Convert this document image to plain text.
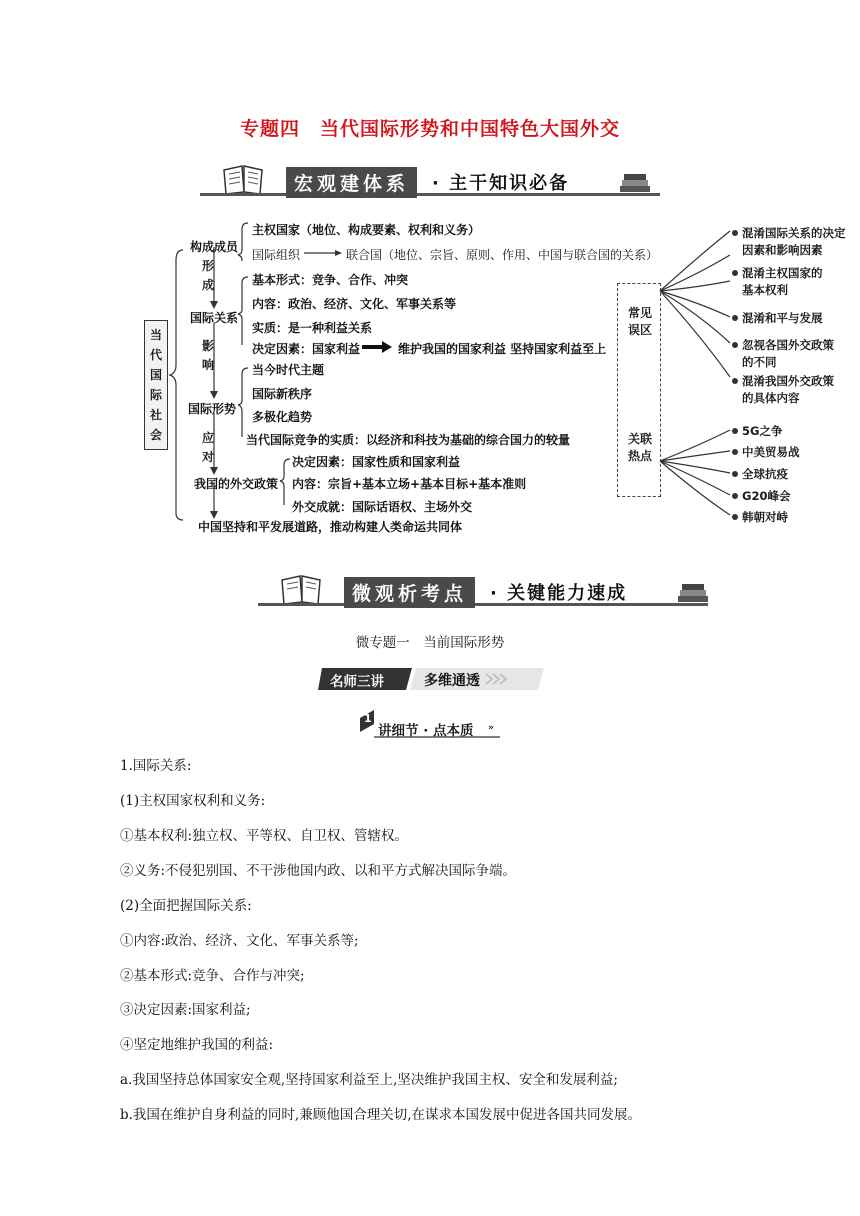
专题四　当代国际形势和中国特色大国外交
宏观建体系	· 主干知识必备
当
代
国
际
社
会
构成成员
国际关系
国际形势
我国的外交政策
中国坚持和平发展道路，推动构建人类命运共同体
形
成
影
响
应
对
主权国家（地位、构成要素、权利和义务）
国际组织	联合国（地位、宗旨、原则、作用、中国与联合国的关系）
基本形式：竞争、合作、冲突
内容：政治、经济、文化、军事关系等
实质：是一种利益关系
决定因素：国家利益	维护我国的国家利益 坚持国家利益至上
当今时代主题
国际新秩序
多极化趋势
当代国际竞争的实质：以经济和科技为基础的综合国力的较量
决定因素：国家性质和国家利益
内容：宗旨+基本立场+基本目标+基本准则
外交成就：国际话语权、主场外交
常见
误区
关联
热点
混淆国际关系的决定
因素和影响因素
混淆主权国家的
基本权利
混淆和平与发展
忽视各国外交政策
的不同
混淆我国外交政策
的具体内容
5G之争
中美贸易战
全球抗疫
G20峰会
韩朝对峙
微观析考点	· 关键能力速成
微专题一　当前国际形势
名师三讲	多维通透
1
讲细节 · 点本质 »
1.国际关系:
(1)主权国家权利和义务:
①基本权利:独立权、平等权、自卫权、管辖权。
②义务:不侵犯别国、不干涉他国内政、以和平方式解决国际争端。
(2)全面把握国际关系:
①内容:政治、经济、文化、军事关系等;
②基本形式:竞争、合作与冲突;
③决定因素:国家利益;
④坚定地维护我国的利益:
a.我国坚持总体国家安全观,坚持国家利益至上,坚决维护我国主权、安全和发展利益;
b.我国在维护自身利益的同时,兼顾他国合理关切,在谋求本国发展中促进各国共同发展。
